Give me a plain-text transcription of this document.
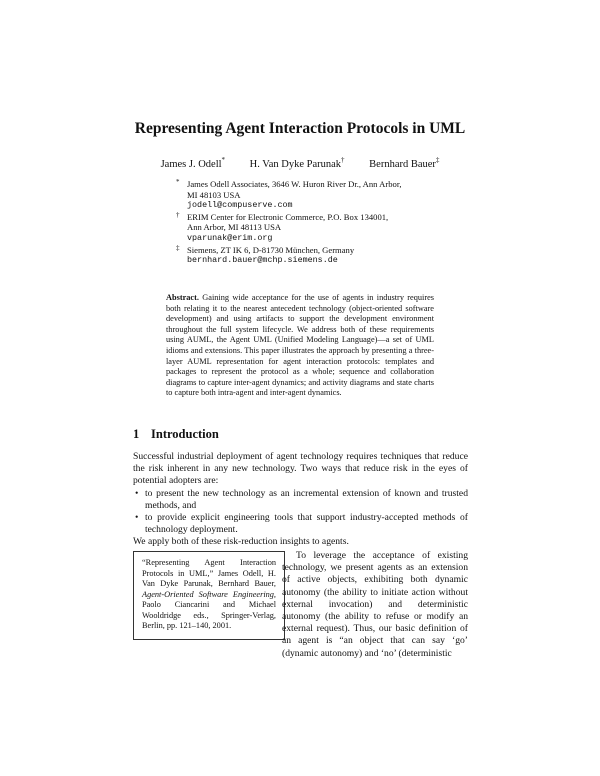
Representing Agent Interaction Protocols in UML
James J. Odell* H. Van Dyke Parunak† Bernhard Bauer‡
* James Odell Associates, 3646 W. Huron River Dr., Ann Arbor,
MI 48103 USA
jodell@compuserve.com
† ERIM Center for Electronic Commerce, P.O. Box 134001,
Ann Arbor, MI 48113 USA
vparunak@erim.org
‡ Siemens, ZT IK 6, D-81730 München, Germany
bernhard.bauer@mchp.siemens.de
Abstract. Gaining wide acceptance for the use of agents in industry requires both relating it to the nearest antecedent technology (object-oriented software development) and using artifacts to support the development environment throughout the full system lifecycle. We address both of these requirements using AUML, the Agent UML (Unified Modeling Language)—a set of UML idioms and extensions. This paper illustrates the approach by presenting a three-layer AUML representation for agent interaction protocols: templates and packages to represent the protocol as a whole; sequence and collaboration diagrams to capture inter-agent dynamics; and activity diagrams and state charts to capture both intra-agent and inter-agent dynamics.
1 Introduction

Successful industrial deployment of agent technology requires techniques that reduce the risk inherent in any new technology. Two ways that reduce risk in the eyes of potential adopters are:

• to present the new technology as an incremental extension of known and trusted methods, and
• to provide explicit engineering tools that support industry-accepted methods of technology deployment.

We apply both of these risk-reduction insights to agents.

“Representing Agent Interaction Protocols in UML,” James Odell, H. Van Dyke Parunak, Bernhard Bauer, Agent-Oriented Software Engineering, Paolo Ciancarini and Michael Wooldridge eds., Springer-Verlag, Berlin, pp. 121–140, 2001.
To leverage the acceptance of existing technology, we present agents as an extension of active objects, exhibiting both dynamic autonomy (the ability to initiate action without external invocation) and deterministic autonomy (the ability to refuse or modify an external request). Thus, our basic definition of an agent is “an object that can say ‘go’ (dynamic autonomy) and ‘no’ (deterministic
